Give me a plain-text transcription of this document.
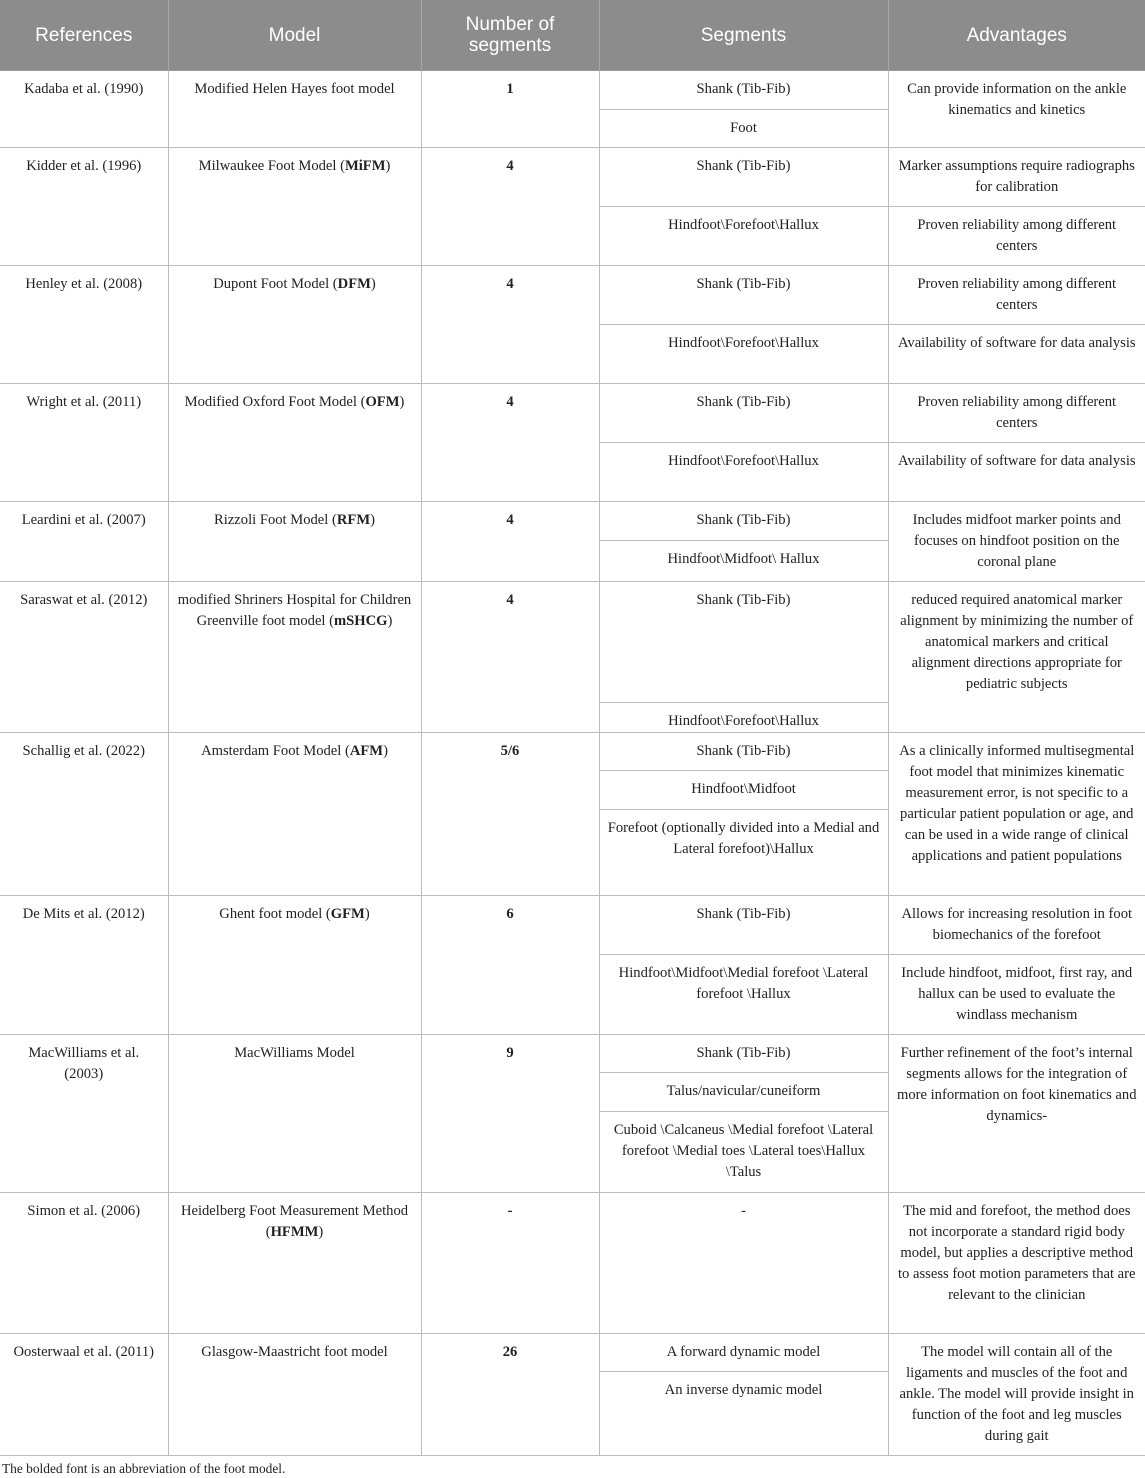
References	Model	Number of segments	Segments	Advantages
Kadaba et al. (1990)	Modified Helen Hayes foot model	1	Shank (Tib-Fib)	Can provide information on the ankle kinematics and kinetics
			Foot	
Kidder et al. (1996)	Milwaukee Foot Model (MiFM)	4	Shank (Tib-Fib)	Marker assumptions require radiographs for calibration
			Hindfoot\Forefoot\Hallux	Proven reliability among different centers
Henley et al. (2008)	Dupont Foot Model (DFM)	4	Shank (Tib-Fib)	Proven reliability among different centers
			Hindfoot\Forefoot\Hallux	Availability of software for data analysis
Wright et al. (2011)	Modified Oxford Foot Model (OFM)	4	Shank (Tib-Fib)	Proven reliability among different centers
			Hindfoot\Forefoot\Hallux	Availability of software for data analysis
Leardini et al. (2007)	Rizzoli Foot Model (RFM)	4	Shank (Tib-Fib)	Includes midfoot marker points and focuses on hindfoot position on the coronal plane
			Hindfoot\Midfoot\ Hallux	
Saraswat et al. (2012)	modified Shriners Hospital for Children Greenville foot model (mSHCG)	4	Shank (Tib-Fib)	reduced required anatomical marker alignment by minimizing the number of anatomical markers and critical alignment directions appropriate for pediatric subjects
			Hindfoot\Forefoot\Hallux	
Schallig et al. (2022)	Amsterdam Foot Model (AFM)	5/6	Shank (Tib-Fib)	As a clinically informed multisegmental foot model that minimizes kinematic measurement error, is not specific to a particular patient population or age, and can be used in a wide range of clinical applications and patient populations
			Hindfoot\Midfoot	
			Forefoot (optionally divided into a Medial and Lateral forefoot)\Hallux	
De Mits et al. (2012)	Ghent foot model (GFM)	6	Shank (Tib-Fib)	Allows for increasing resolution in foot biomechanics of the forefoot
			Hindfoot\Midfoot\Medial forefoot \Lateral forefoot \Hallux	Include hindfoot, midfoot, first ray, and hallux can be used to evaluate the windlass mechanism
MacWilliams et al. (2003)	MacWilliams Model	9	Shank (Tib-Fib)	Further refinement of the foot’s internal segments allows for the integration of more information on foot kinematics and dynamics-
			Talus/navicular/cuneiform	
			Cuboid \Calcaneus \Medial forefoot \Lateral forefoot \Medial toes \Lateral toes\Hallux \Talus	
Simon et al. (2006)	Heidelberg Foot Measurement Method (HFMM)	-	-	The mid and forefoot, the method does not incorporate a standard rigid body model, but applies a descriptive method to assess foot motion parameters that are relevant to the clinician
Oosterwaal et al. (2011)	Glasgow-Maastricht foot model	26	A forward dynamic model	The model will contain all of the ligaments and muscles of the foot and ankle. The model will provide insight in function of the foot and leg muscles during gait
			An inverse dynamic model	
The bolded font is an abbreviation of the foot model.
